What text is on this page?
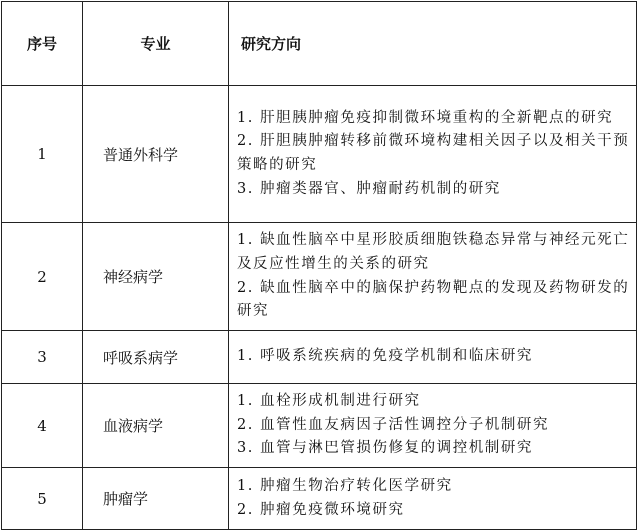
序号	专业	研究方向
1	普通外科学	1. 肝胆胰肿瘤免疫抑制微环境重构的全新靶点的研究
2. 肝胆胰肿瘤转移前微环境构建相关因子以及相关干预策略的研究
3. 肿瘤类器官、肿瘤耐药机制的研究

2	神经病学	1. 缺血性脑卒中星形胶质细胞铁稳态异常与神经元死亡及反应性增生的关系的研究
2. 缺血性脑卒中的脑保护药物靶点的发现及药物研发的研究

3	呼吸系病学	1. 呼吸系统疾病的免疫学机制和临床研究

4	血液病学	1. 血栓形成机制进行研究
2. 血管性血友病因子活性调控分子机制研究
3. 血管与淋巴管损伤修复的调控机制研究

5	肿瘤学	1. 肿瘤生物治疗转化医学研究
2. 肿瘤免疫微环境研究
